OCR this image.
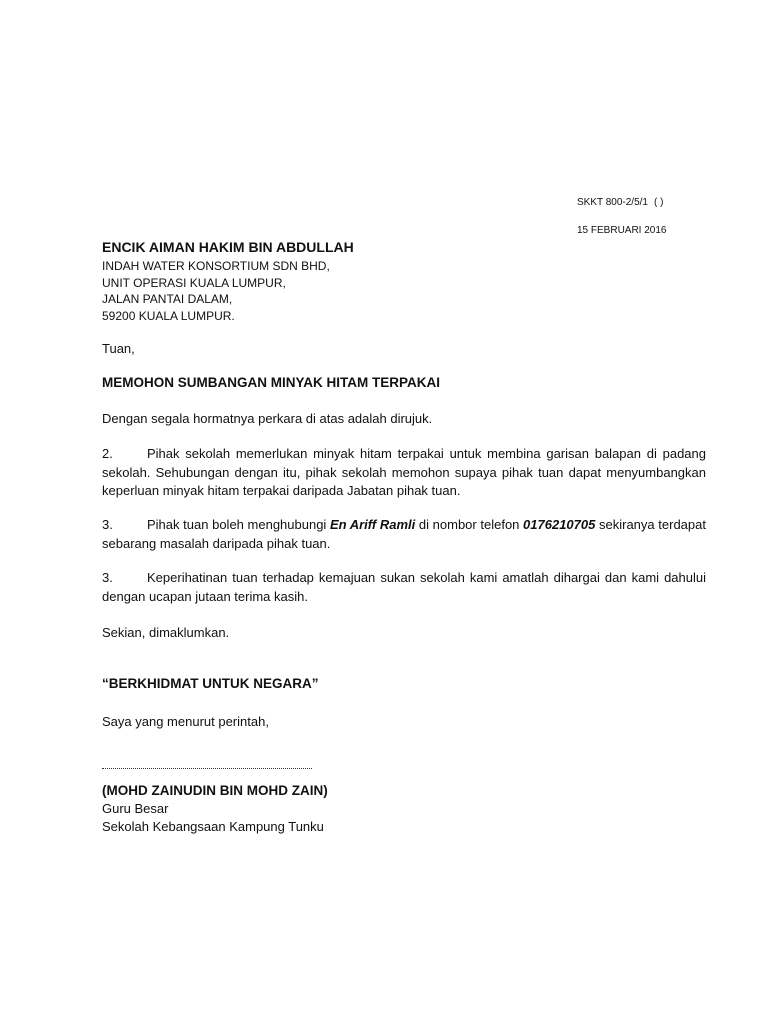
SKKT 800-2/5/1 ( )
15 FEBRUARI 2016
ENCIK AIMAN HAKIM BIN ABDULLAH
INDAH WATER KONSORTIUM SDN BHD,
UNIT OPERASI KUALA LUMPUR,
JALAN PANTAI DALAM,
59200 KUALA LUMPUR.
Tuan,
MEMOHON SUMBANGAN MINYAK HITAM TERPAKAI
Dengan segala hormatnya perkara di atas adalah dirujuk.
2.	Pihak sekolah memerlukan minyak hitam terpakai untuk membina garisan balapan di padang sekolah. Sehubungan dengan itu, pihak sekolah memohon supaya pihak tuan dapat menyumbangkan keperluan minyak hitam terpakai daripada Jabatan pihak tuan.
3.	Pihak tuan boleh menghubungi En Ariff Ramli di nombor telefon 0176210705 sekiranya terdapat sebarang masalah daripada pihak tuan.
3.	Keperihatinan tuan terhadap kemajuan sukan sekolah kami amatlah dihargai dan kami dahului dengan ucapan jutaan terima kasih.
Sekian, dimaklumkan.
“BERKHIDMAT UNTUK NEGARA”
Saya yang menurut perintah,
(MOHD ZAINUDIN BIN MOHD ZAIN)
Guru Besar
Sekolah Kebangsaan Kampung Tunku
